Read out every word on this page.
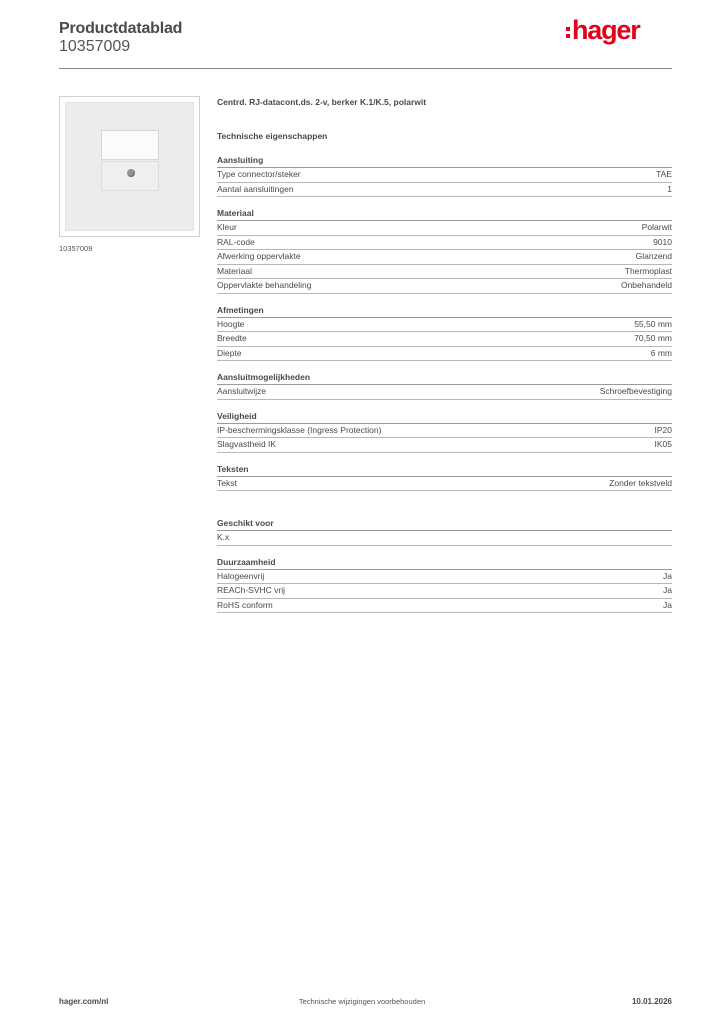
Productdatablad
10357009
hager
10357009
Centrd. RJ-datacont.ds. 2-v, berker K.1/K.5, polarwit
Technische eigenschappen
Aansluiting
Type connector/steker	TAE
Aantal aansluitingen	1
Materiaal
Kleur	Polarwit
RAL-code	9010
Afwerking oppervlakte	Glanzend
Materiaal	Thermoplast
Oppervlakte behandeling	Onbehandeld
Afmetingen
Hoogte	55,50 mm
Breedte	70,50 mm
Diepte	6 mm
Aansluitmogelijkheden
Aansluitwijze	Schroefbevestiging
Veiligheid
IP-beschermingsklasse (Ingress Protection)	IP20
Slagvastheid IK	IK05
Teksten
Tekst	Zonder tekstveld
Geschikt voor
K.x
Duurzaamheid
Halogeenvrij	Ja
REACh-SVHC vrij	Ja
RoHS conform	Ja
hager.com/nl	Technische wijzigingen voorbehouden	10.01.2026
